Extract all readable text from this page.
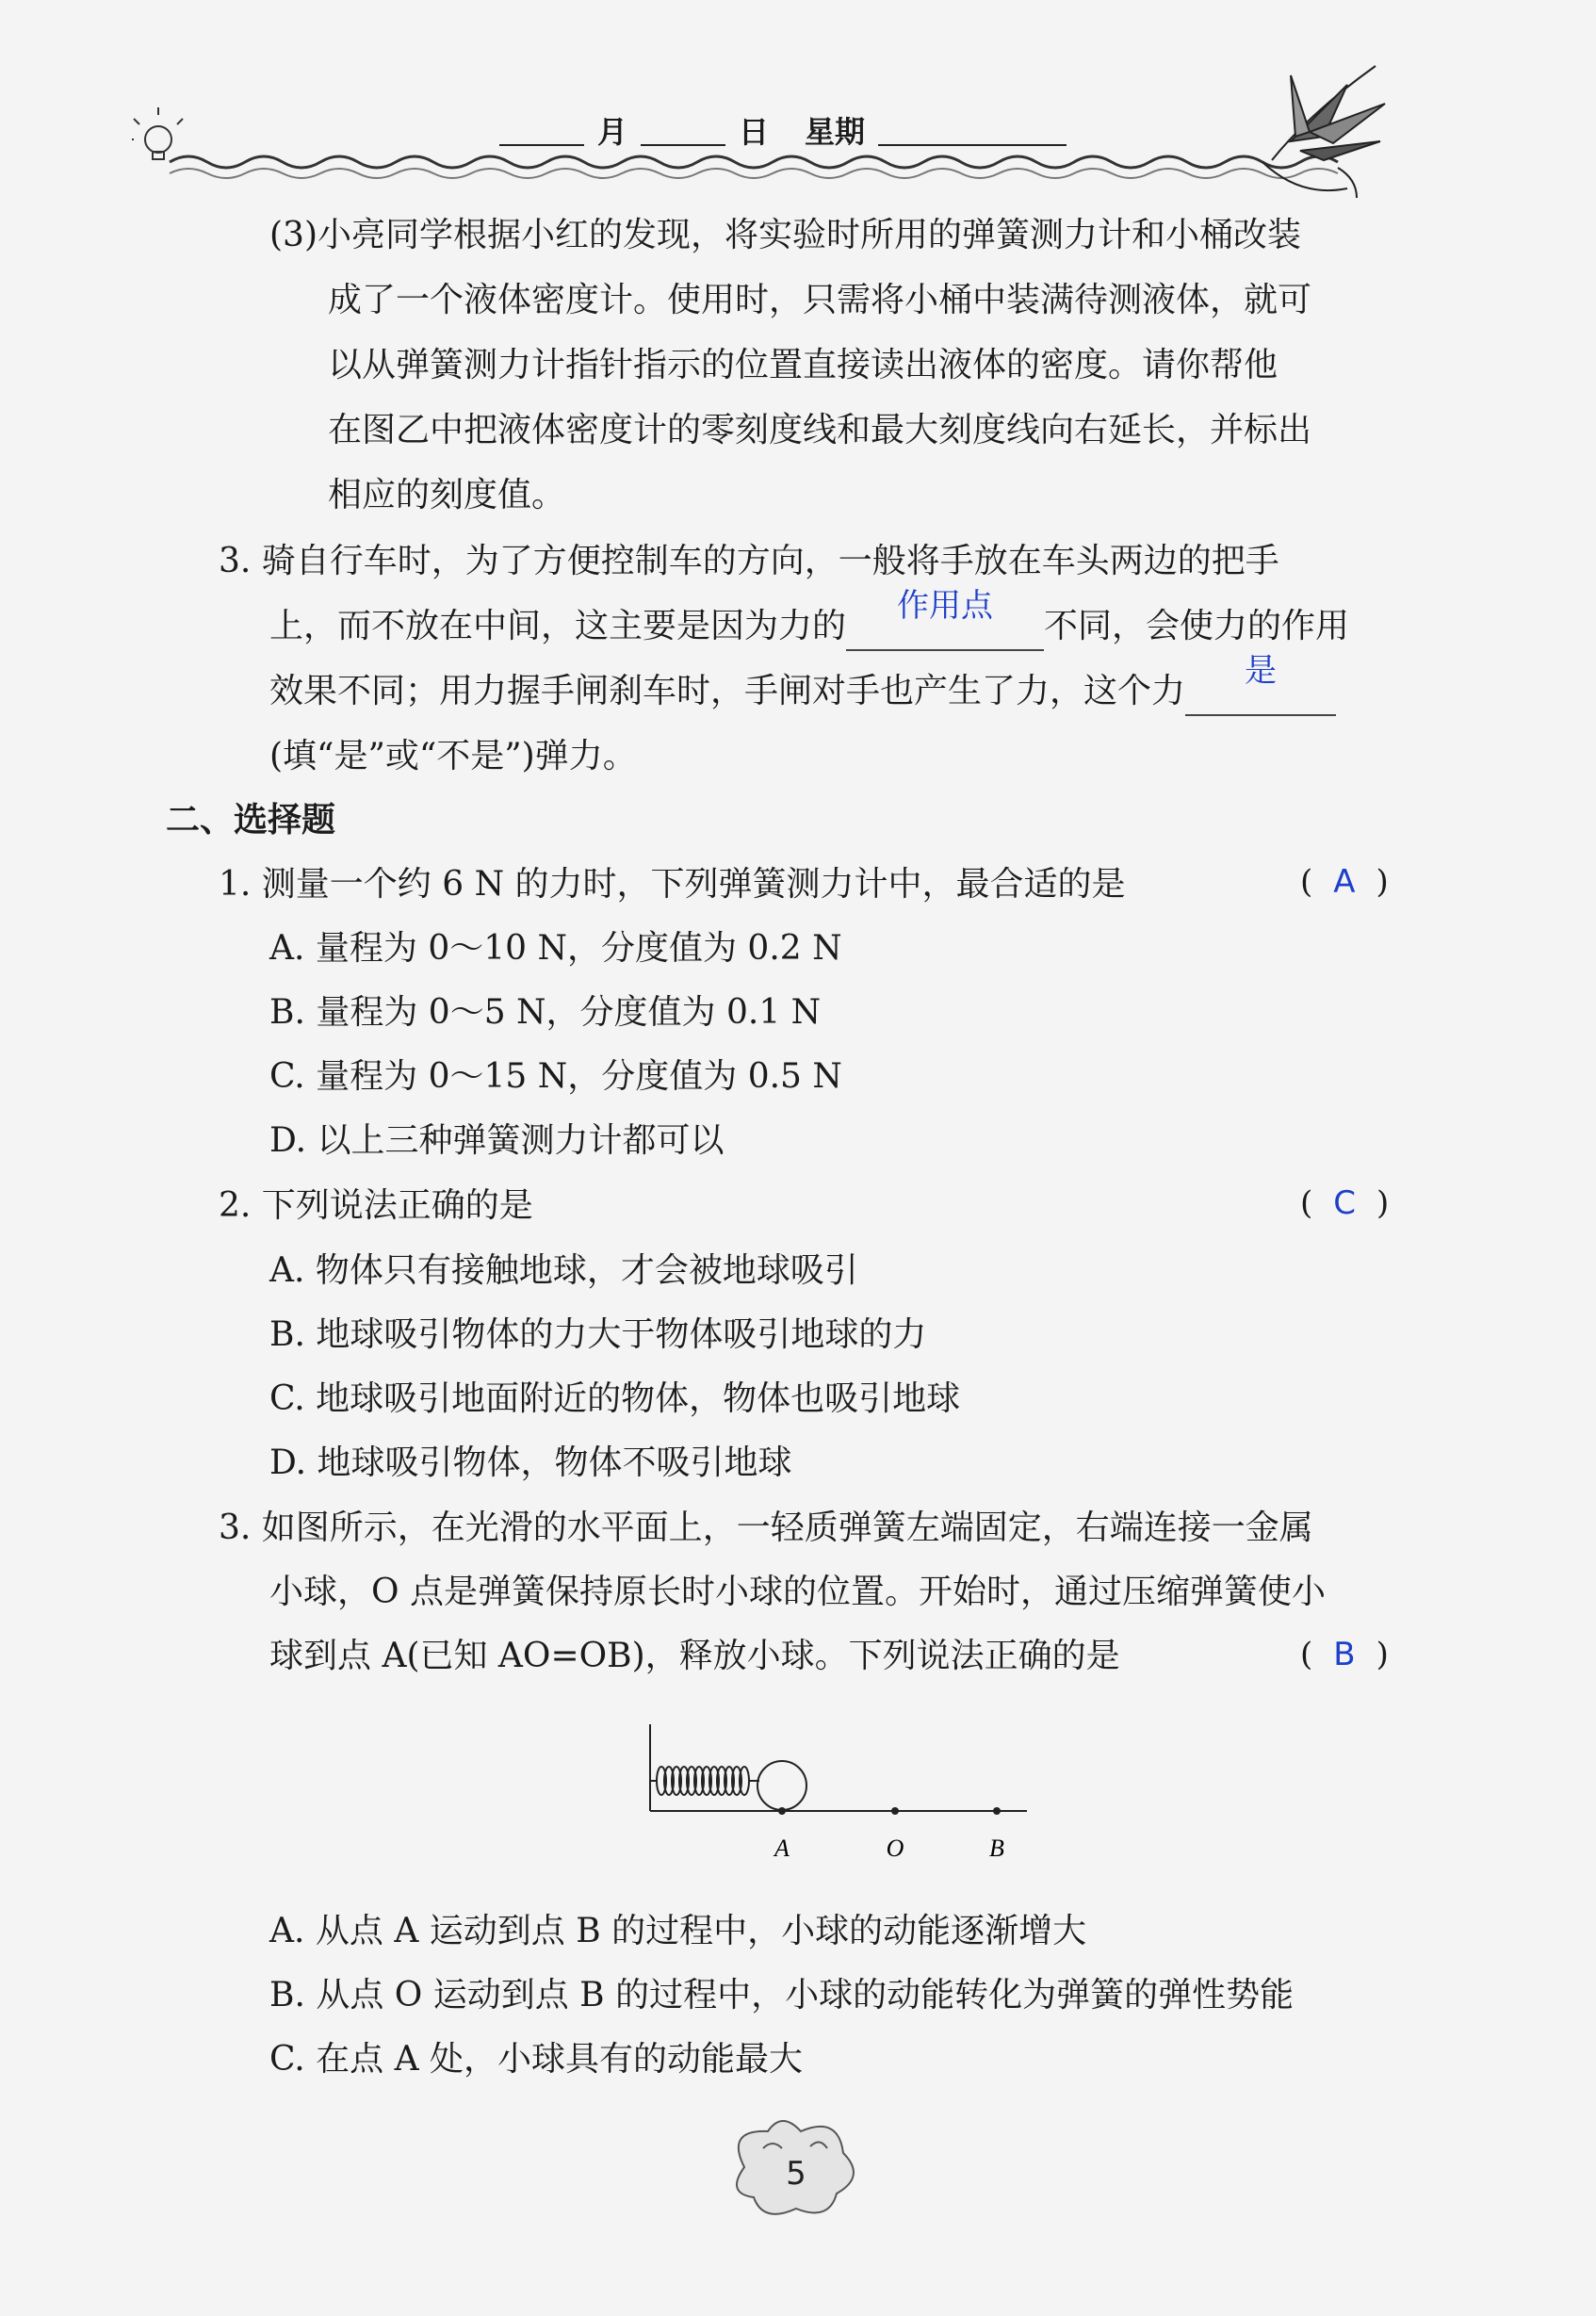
月	日 星期
(3)小亮同学根据小红的发现，将实验时所用的弹簧测力计和小桶改装
成了一个液体密度计。使用时，只需将小桶中装满待测液体，就可
以从弹簧测力计指针指示的位置直接读出液体的密度。请你帮他
在图乙中把液体密度计的零刻度线和最大刻度线向右延长，并标出
相应的刻度值。
3. 骑自行车时，为了方便控制车的方向，一般将手放在车头两边的把手
上，而不放在中间，这主要是因为力的
作用点
不同，会使力的作用
效果不同；用力握手闸刹车时，手闸对手也产生了力，这个力
是
(填“是”或“不是”)弹力。
二、选择题
1. 测量一个约 6 N 的力时，下列弹簧测力计中，最合适的是	( A )
A. 量程为 0～10 N，分度值为 0.2 N
B. 量程为 0～5 N，分度值为 0.1 N
C. 量程为 0～15 N，分度值为 0.5 N
D. 以上三种弹簧测力计都可以
2. 下列说法正确的是	( C )
A. 物体只有接触地球，才会被地球吸引
B. 地球吸引物体的力大于物体吸引地球的力
C. 地球吸引地面附近的物体，物体也吸引地球
D. 地球吸引物体，物体不吸引地球
3. 如图所示，在光滑的水平面上，一轻质弹簧左端固定，右端连接一金属
小球，O 点是弹簧保持原长时小球的位置。开始时，通过压缩弹簧使小
球到点 A(已知 AO=OB)，释放小球。下列说法正确的是	( B )
A	O	B
A. 从点 A 运动到点 B 的过程中，小球的动能逐渐增大
B. 从点 O 运动到点 B 的过程中，小球的动能转化为弹簧的弹性势能
C. 在点 A 处，小球具有的动能最大
5
